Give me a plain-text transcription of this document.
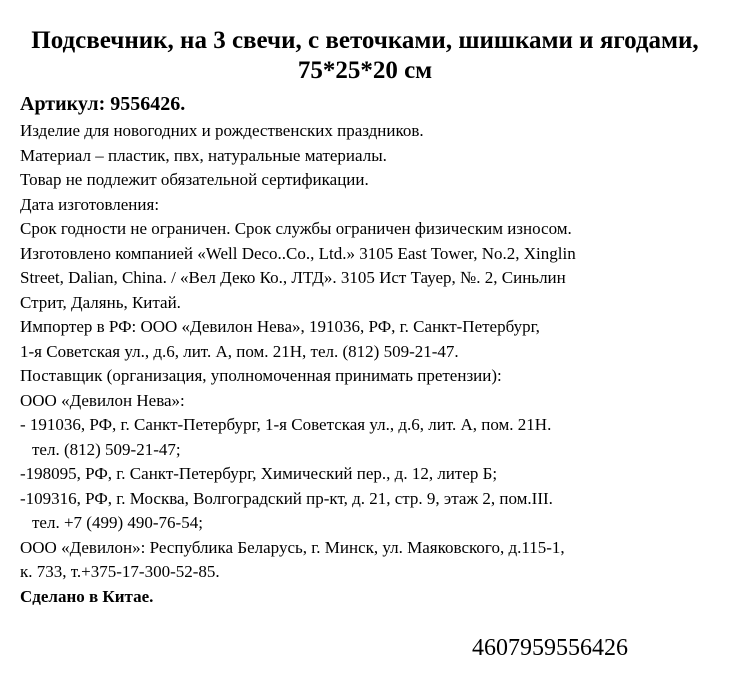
Подсвечник, на 3 свечи, с веточками, шишками и ягодами, 75*25*20 см
Артикул: 9556426.
Изделие для новогодних и рождественских праздников.
Материал – пластик, пвх, натуральные материалы.
Товар не подлежит обязательной сертификации.
Дата изготовления:
Срок годности не ограничен. Срок службы ограничен физическим износом.
Изготовлено компанией «Well Deco..Co., Ltd.» 3105 East Tower, No.2, Xinglin
Street, Dalian, China. / «Вел Деко Ко., ЛТД». 3105 Ист Тауер, №. 2, Синьлин
Стрит, Далянь, Китай.
Импортер в РФ: ООО «Девилон Нева», 191036, РФ, г. Санкт-Петербург,
1-я Советская ул., д.6, лит. А, пом. 21Н, тел. (812) 509-21-47.
Поставщик (организация, уполномоченная принимать претензии):
ООО «Девилон Нева»:
- 191036, РФ, г. Санкт-Петербург, 1-я Советская ул., д.6, лит. А, пом. 21Н.
тел. (812) 509-21-47;
-198095, РФ, г. Санкт-Петербург, Химический пер., д. 12, литер Б;
-109316, РФ, г. Москва, Волгоградский пр-кт, д. 21, стр. 9, этаж 2, пом.III.
тел. +7 (499) 490-76-54;
ООО «Девилон»: Республика Беларусь, г. Минск, ул. Маяковского, д.115-1,
к. 733, т.+375-17-300-52-85.
Сделано в Китае.
4607959556426
